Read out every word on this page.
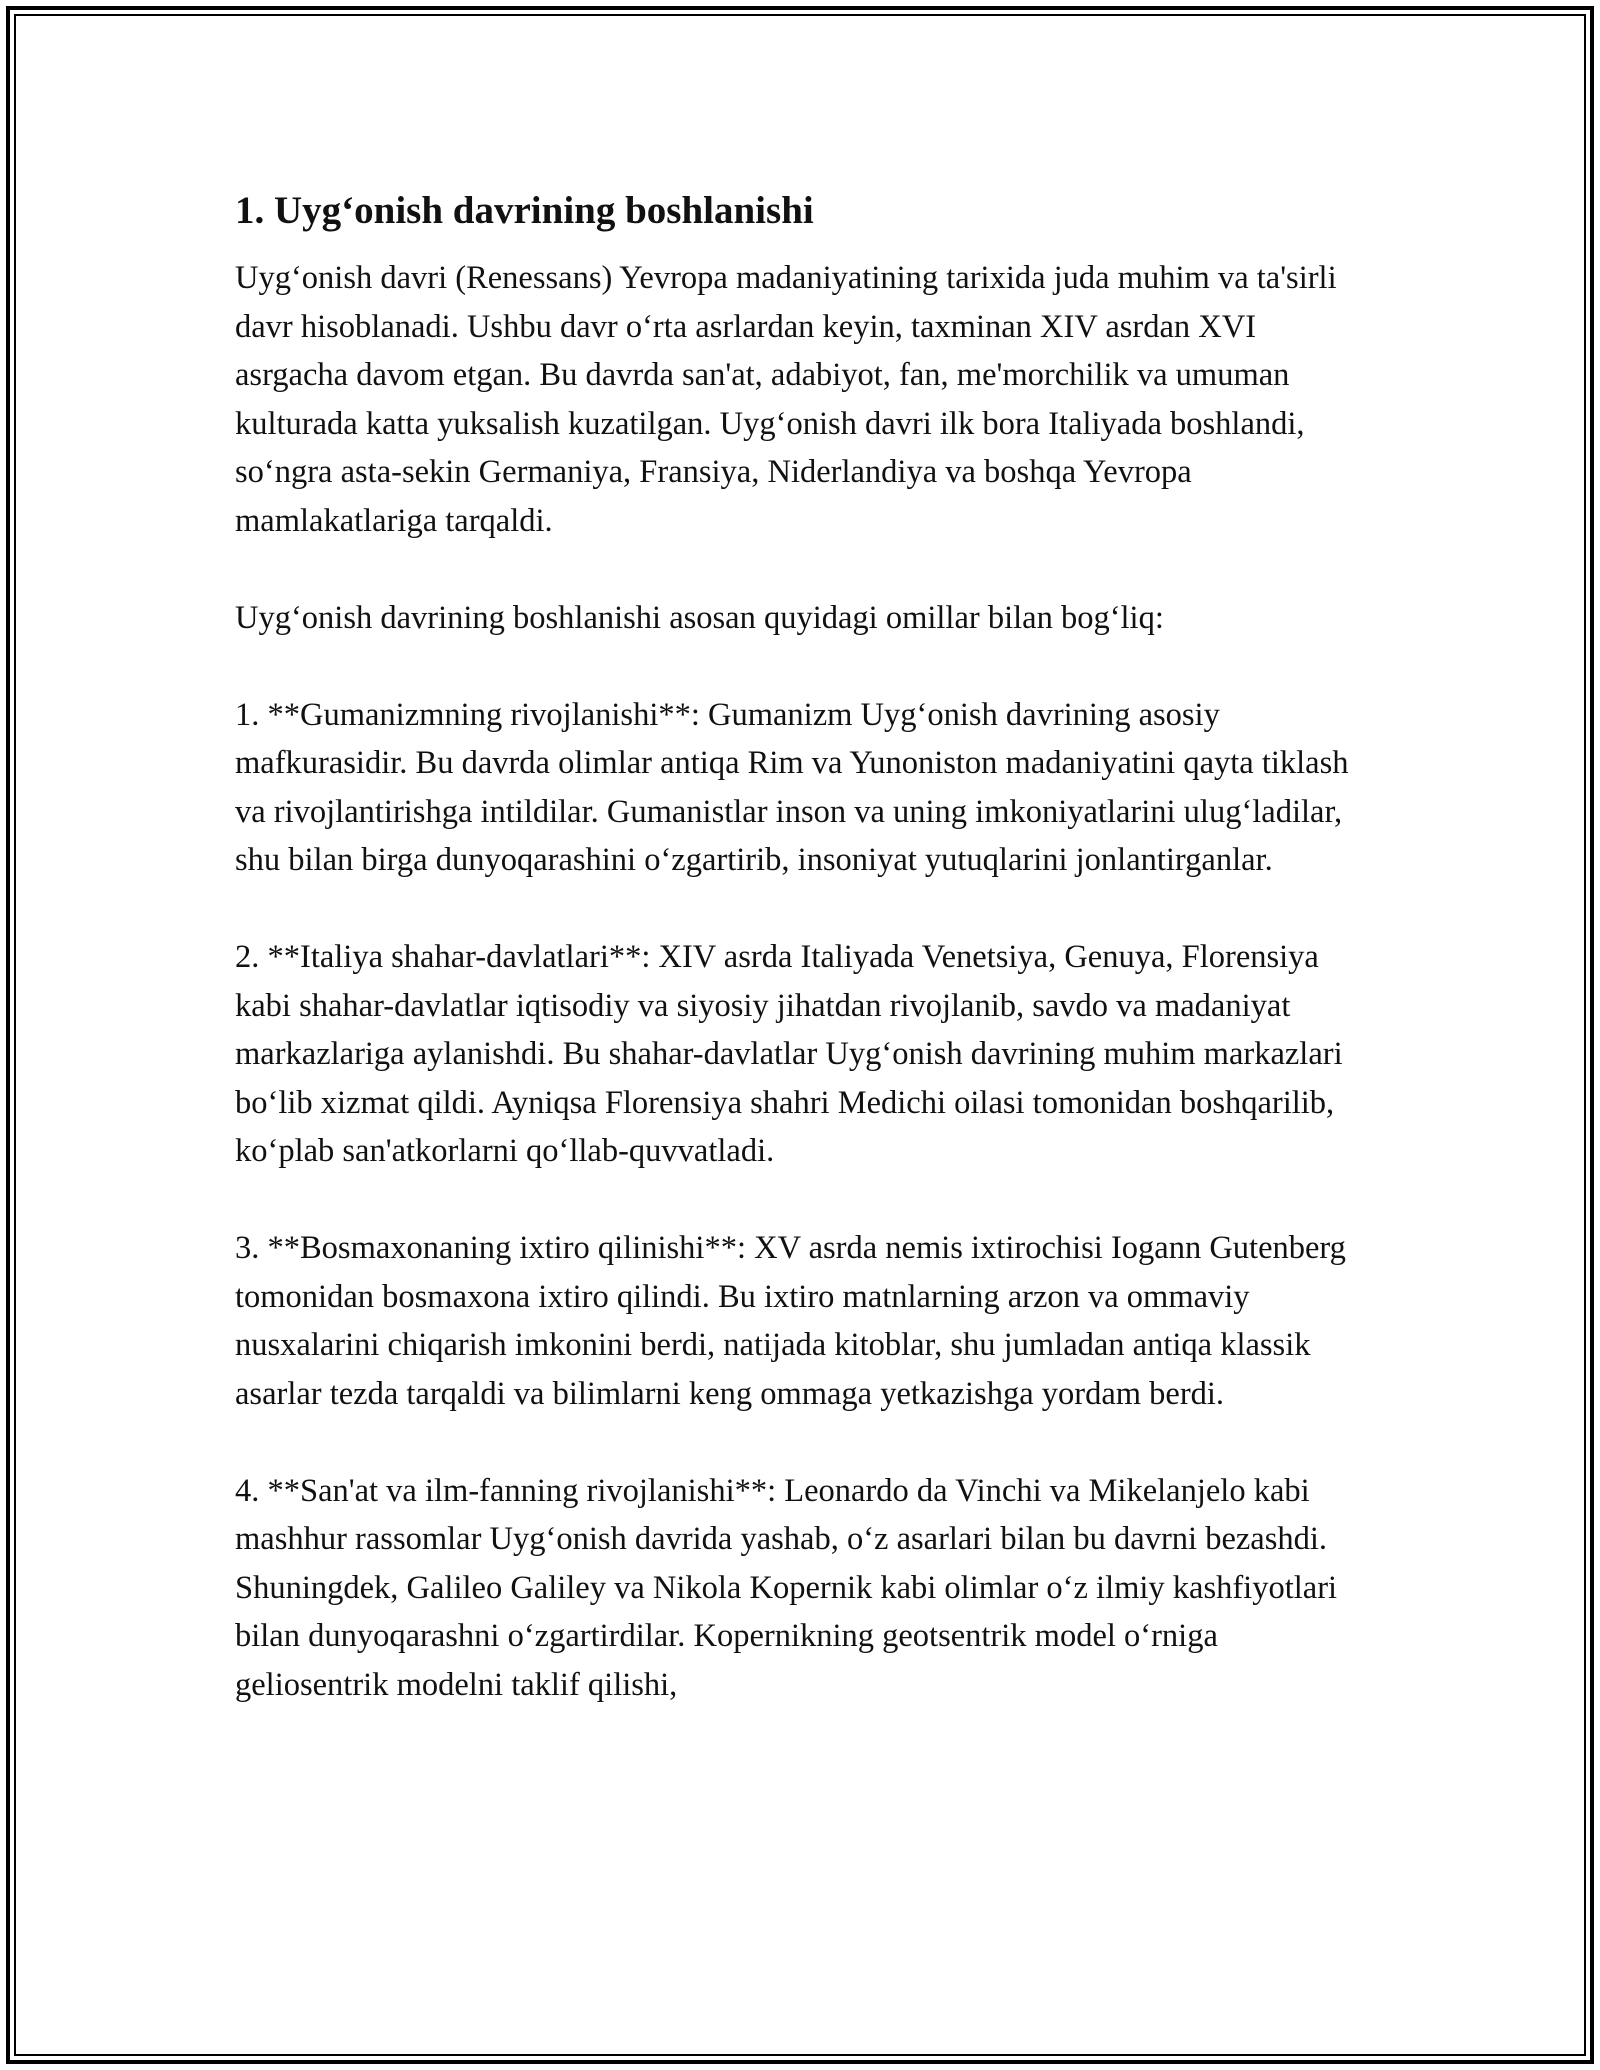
1. Uyg‘onish davrining boshlanishi
Uyg‘onish davri (Renessans) Yevropa madaniyatining tarixida juda muhim va ta'sirli davr hisoblanadi. Ushbu davr o‘rta asrlardan keyin, taxminan XIV asrdan XVI asrgacha davom etgan. Bu davrda san'at, adabiyot, fan, me'morchilik va umuman kulturada katta yuksalish kuzatilgan. Uyg‘onish davri ilk bora Italiyada boshlandi, so‘ngra asta-sekin Germaniya, Fransiya, Niderlandiya va boshqa Yevropa mamlakatlariga tarqaldi.
Uyg‘onish davrining boshlanishi asosan quyidagi omillar bilan bog‘liq:
1. **Gumanizmning rivojlanishi**: Gumanizm Uyg‘onish davrining asosiy mafkurasidir. Bu davrda olimlar antiqa Rim va Yunoniston madaniyatini qayta tiklash va rivojlantirishga intildilar. Gumanistlar inson va uning imkoniyatlarini ulug‘ladilar, shu bilan birga dunyoqarashini o‘zgartirib, insoniyat yutuqlarini jonlantirganlar.
2. **Italiya shahar-davlatlari**: XIV asrda Italiyada Venetsiya, Genuya, Florensiya kabi shahar-davlatlar iqtisodiy va siyosiy jihatdan rivojlanib, savdo va madaniyat markazlariga aylanishdi. Bu shahar-davlatlar Uyg‘onish davrining muhim markazlari bo‘lib xizmat qildi. Ayniqsa Florensiya shahri Medichi oilasi tomonidan boshqarilib, ko‘plab san'atkorlarni qo‘llab-quvvatladi.
3. **Bosmaxonaning ixtiro qilinishi**: XV asrda nemis ixtirochisi Iogann Gutenberg tomonidan bosmaxona ixtiro qilindi. Bu ixtiro matnlarning arzon va ommaviy nusxalarini chiqarish imkonini berdi, natijada kitoblar, shu jumladan antiqa klassik asarlar tezda tarqaldi va bilimlarni keng ommaga yetkazishga yordam berdi.
4. **San'at va ilm-fanning rivojlanishi**: Leonardo da Vinchi va Mikelanjelo kabi mashhur rassomlar Uyg‘onish davrida yashab, o‘z asarlari bilan bu davrni bezashdi. Shuningdek, Galileo Galiley va Nikola Kopernik kabi olimlar o‘z ilmiy kashfiyotlari bilan dunyoqarashni o‘zgartirdilar. Kopernikning geotsentrik model o‘rniga geliosentrik modelni taklif qilishi,
